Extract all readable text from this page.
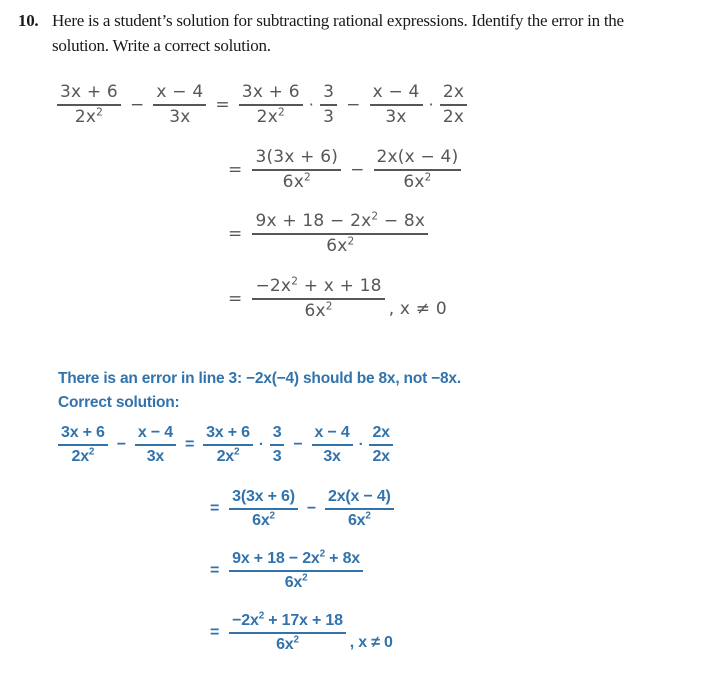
10. Here is a student’s solution for subtracting rational expressions. Identify the error in the solution. Write a correct solution.
$\frac{3x + 6}{2x^2} - \frac{x - 4}{3x} = \frac{3x + 6}{2x^2} \cdot \frac{3}{3} - \frac{x - 4}{3x} \cdot \frac{2x}{2x}$
= $\frac{3(3x + 6)}{6x^2} - \frac{2x(x - 4)}{6x^2}$
= $\frac{9x + 18 - 2x^2 - 8x}{6x^2}$
= $\frac{-2x^2 + x + 18}{6x^2}$ , x ≠ 0
There is an error in line 3: −2x(−4) should be 8x, not −8x.
Correct solution:
$\frac{3x + 6}{2x^2} - \frac{x - 4}{3x} = \frac{3x + 6}{2x^2} \cdot \frac{3}{3} - \frac{x - 4}{3x} \cdot \frac{2x}{2x}$
= $\frac{3(3x + 6)}{6x^2} - \frac{2x(x - 4)}{6x^2}$
= $\frac{9x + 18 - 2x^2 + 8x}{6x^2}$
= $\frac{-2x^2 + 17x + 18}{6x^2}$ , x ≠ 0
